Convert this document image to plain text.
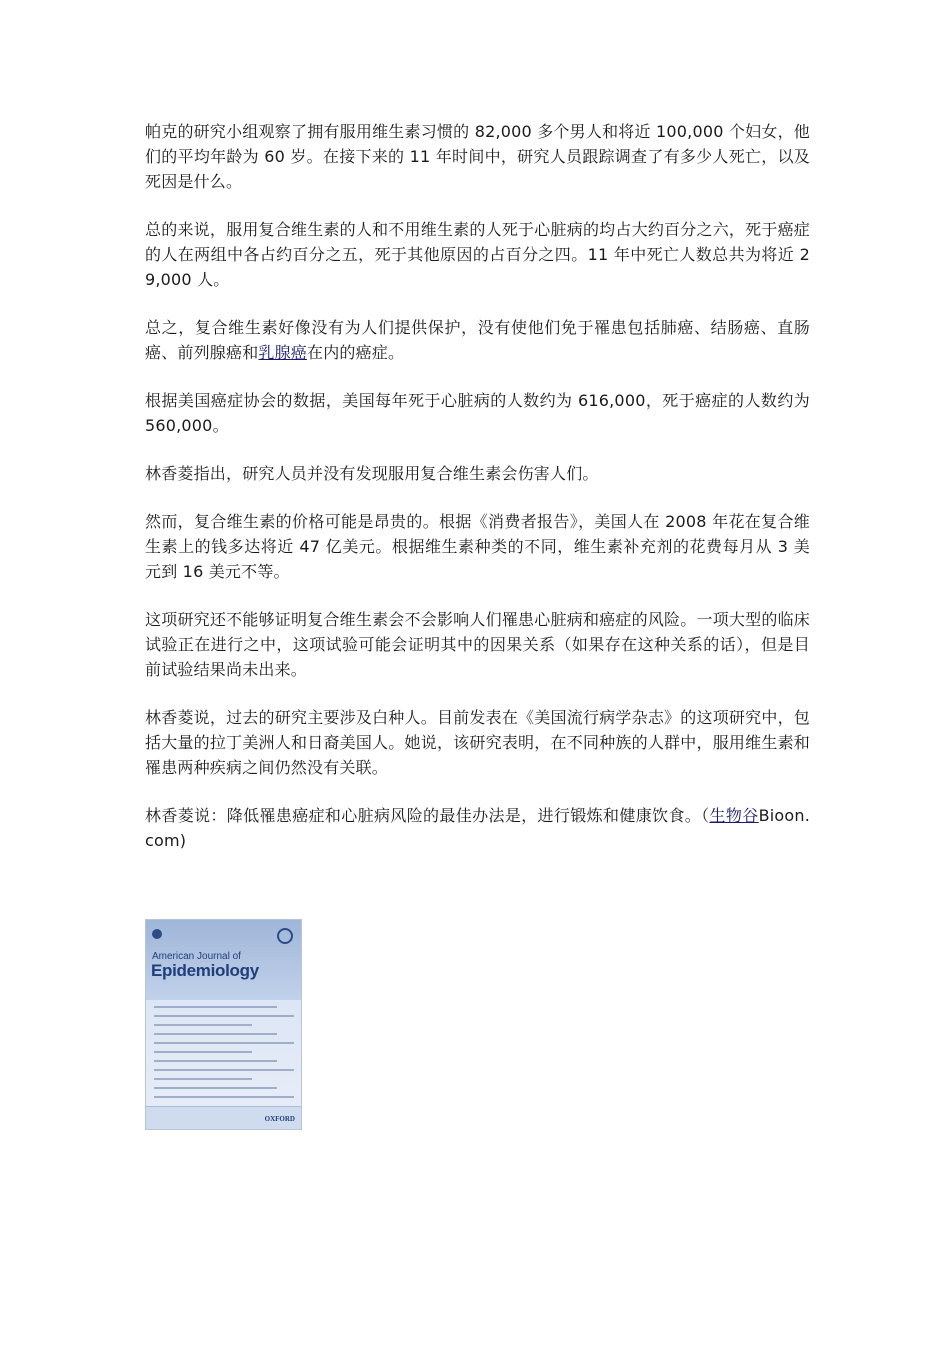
帕克的研究小组观察了拥有服用维生素习惯的 82,000 多个男人和将近 100,000 个妇女，他们的平均年龄为 60 岁。在接下来的 11 年时间中，研究人员跟踪调查了有多少人死亡，以及死因是什么。

总的来说，服用复合维生素的人和不用维生素的人死于心脏病的均占大约百分之六，死于癌症的人在两组中各占约百分之五，死于其他原因的占百分之四。11 年中死亡人数总共为将近 29,000 人。

总之，复合维生素好像没有为人们提供保护，没有使他们免于罹患包括肺癌、结肠癌、直肠癌、前列腺癌和乳腺癌在内的癌症。

根据美国癌症协会的数据，美国每年死于心脏病的人数约为 616,000，死于癌症的人数约为 560,000。

林香菱指出，研究人员并没有发现服用复合维生素会伤害人们。

然而，复合维生素的价格可能是昂贵的。根据《消费者报告》，美国人在 2008 年花在复合维生素上的钱多达将近 47 亿美元。根据维生素种类的不同，维生素补充剂的花费每月从 3 美元到 16 美元不等。

这项研究还不能够证明复合维生素会不会影响人们罹患心脏病和癌症的风险。一项大型的临床试验正在进行之中，这项试验可能会证明其中的因果关系（如果存在这种关系的话），但是目前试验结果尚未出来。

林香菱说，过去的研究主要涉及白种人。目前发表在《美国流行病学杂志》的这项研究中，包括大量的拉丁美洲人和日裔美国人。她说，该研究表明，在不同种族的人群中，服用维生素和罹患两种疾病之间仍然没有关联。

林香菱说：降低罹患癌症和心脏病风险的最佳办法是，进行锻炼和健康饮食。（生物谷Bioon.com)

American Journal of
Epidemiology
OXFORD
